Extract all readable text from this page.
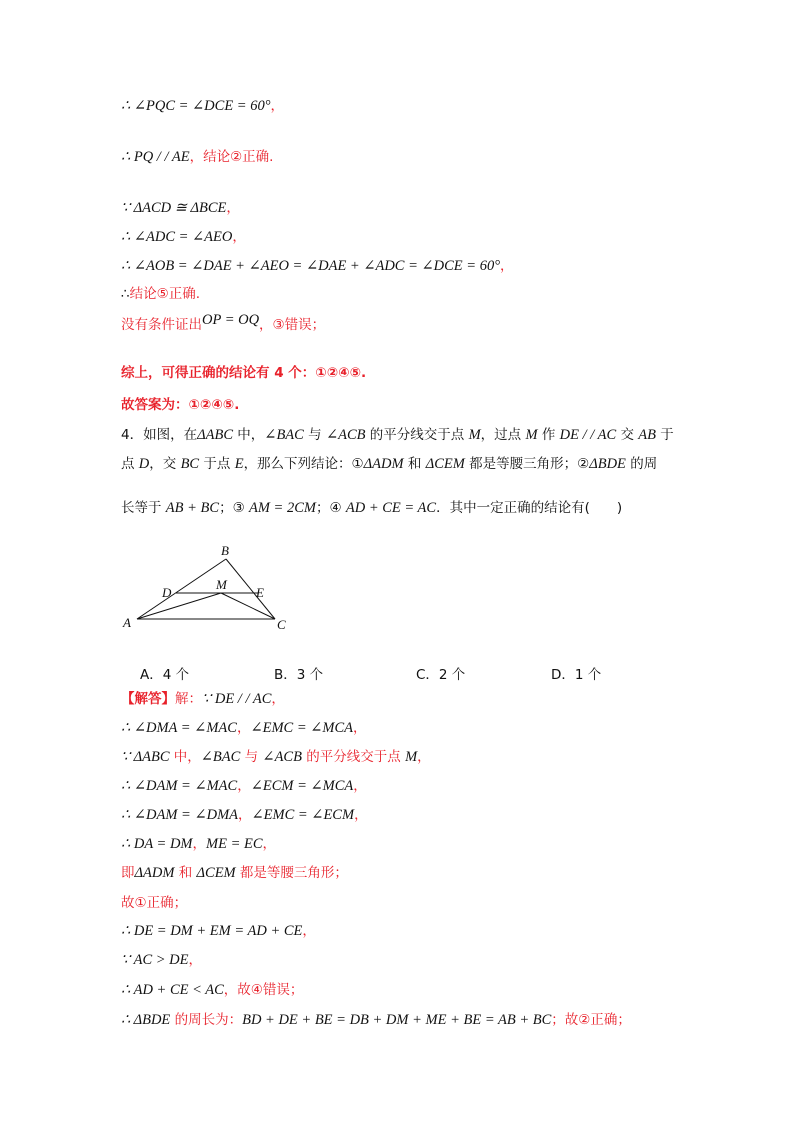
∴ ∠PQC = ∠DCE = 60°，
∴ PQ / / AE，结论②正确.
∵ ΔACD ≅ ΔBCE，
∴ ∠ADC = ∠AEO，
∴ ∠AOB = ∠DAE + ∠AEO = ∠DAE + ∠ADC = ∠DCE = 60°，
∴结论⑤正确.
没有条件证出OP = OQ，③错误；
综上，可得正确的结论有 4 个：①②④⑤.
故答案为：①②④⑤.
4．如图，在ΔABC 中，∠BAC 与 ∠ACB 的平分线交于点 M，过点 M 作 DE / / AC 交 AB 于
点 D，交 BC 于点 E，那么下列结论：①ΔADM 和 ΔCEM 都是等腰三角形；②ΔBDE 的周
长等于 AB + BC；③ AM = 2CM；④ AD + CE = AC．其中一定正确的结论有(　　)
B
D
M
E
A	C
A．4 个	B．3 个	C．2 个	D．1 个
【解答】解：∵ DE / / AC，
∴ ∠DMA = ∠MAC，∠EMC = ∠MCA，
∵ ΔABC 中，∠BAC 与 ∠ACB 的平分线交于点 M，
∴ ∠DAM = ∠MAC，∠ECM = ∠MCA，
∴ ∠DAM = ∠DMA，∠EMC = ∠ECM，
∴ DA = DM，ME = EC，
即ΔADM 和 ΔCEM 都是等腰三角形；
故①正确；
∴ DE = DM + EM = AD + CE，
∵ AC > DE，
∴ AD + CE < AC，故④错误；
∴ ΔBDE 的周长为：BD + DE + BE = DB + DM + ME + BE = AB + BC；故②正确；
